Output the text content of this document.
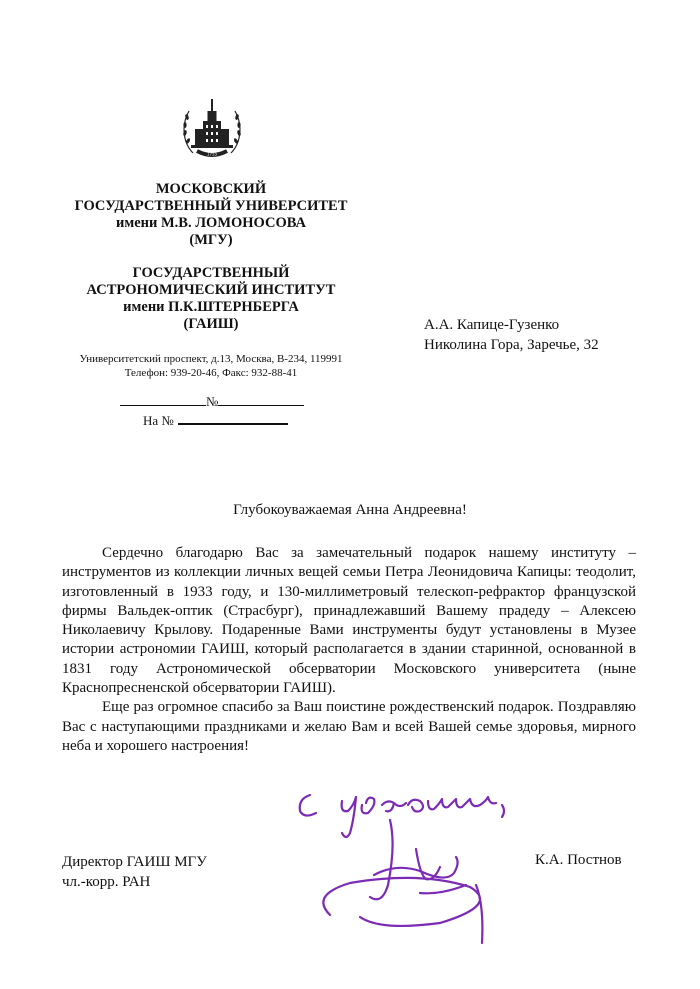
1755
МОСКОВСКИЙ
ГОСУДАРСТВЕННЫЙ УНИВЕРСИТЕТ
имени М.В. ЛОМОНОСОВА
(МГУ)
ГОСУДАРСТВЕННЫЙ
АСТРОНОМИЧЕСКИЙ ИНСТИТУТ
имени П.К.ШТЕРНБЕРГА
(ГАИШ)
Университетский проспект, д.13, Москва, В-234, 119991
Телефон: 939-20-46, Факс: 932-88-41
№
На №
А.А. Капице-Гузенко
Николина Гора, Заречье, 32
Глубокоуважаемая Анна Андреевна!

Сердечно благодарю Вас за замечательный подарок нашему институту – инструментов из коллекции личных вещей семьи Петра Леонидовича Капицы: теодолит, изготовленный в 1933 году, и 130-миллиметровый телескоп-рефрактор французской фирмы Вальдек-оптик (Страсбург), принадлежавший Вашему прадеду – Алексею Николаевичу Крылову. Подаренные Вами инструменты будут установлены в Музее истории астрономии ГАИШ, который располагается в здании старинной, основанной в 1831 году Астрономической обсерватории Московского университета (ныне Краснопресненской обсерватории ГАИШ).

Еще раз огромное спасибо за Ваш поистине рождественский подарок. Поздравляю Вас с наступающими праздниками и желаю Вам и всей Вашей семье здоровья, мирного неба и хорошего настроения!

Директор ГАИШ МГУ
чл.-корр. РАН
К.А. Постнов
С уважением,
